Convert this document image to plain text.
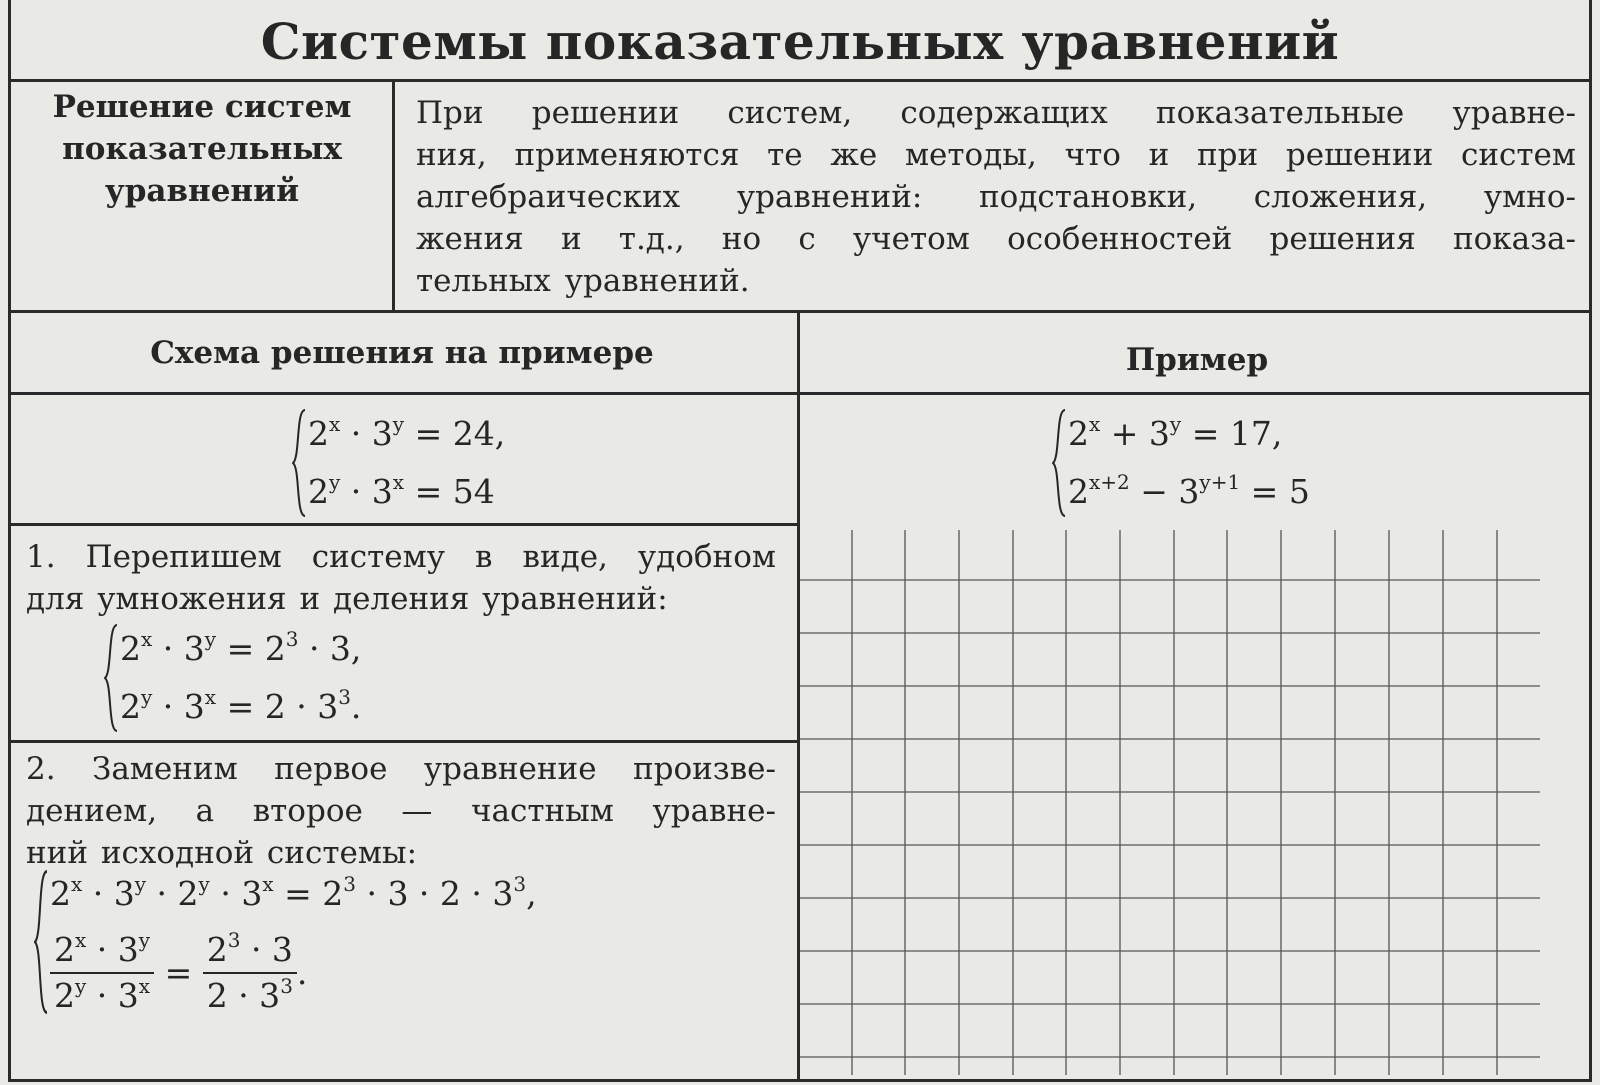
Системы показательных уравнений
Решение систем
показательных
уравнений
При решении систем, содержащих показательные уравне-
ния, применяются те же методы, что и при решении систем
алгебраических уравнений: подстановки, сложения, умно-
жения и т.д., но с учетом особенностей решения показа-
тельных уравнений.
Схема решения на примере	Пример
$2^x \cdot 3^y = 24$,
$2^y \cdot 3^x = 54$
$2^x + 3^y = 17$,
$2^{x+2} - 3^{y+1} = 5$
1. Перепишем систему в виде, удобном
для умножения и деления уравнений:
$2^x \cdot 3^y = 2^3 \cdot 3$,
$2^y \cdot 3^x = 2 \cdot 3^3$.
2. Заменим первое уравнение произве-
дением, а второе — частным уравне-
ний исходной системы:
$2^x \cdot 3^y \cdot 2^y \cdot 3^x = 2^3 \cdot 3 \cdot 2 \cdot 3^3$,
$\frac{2^x \cdot 3^y}{2^y \cdot 3^x} = \frac{2^3 \cdot 3}{2 \cdot 3^3}$ .
